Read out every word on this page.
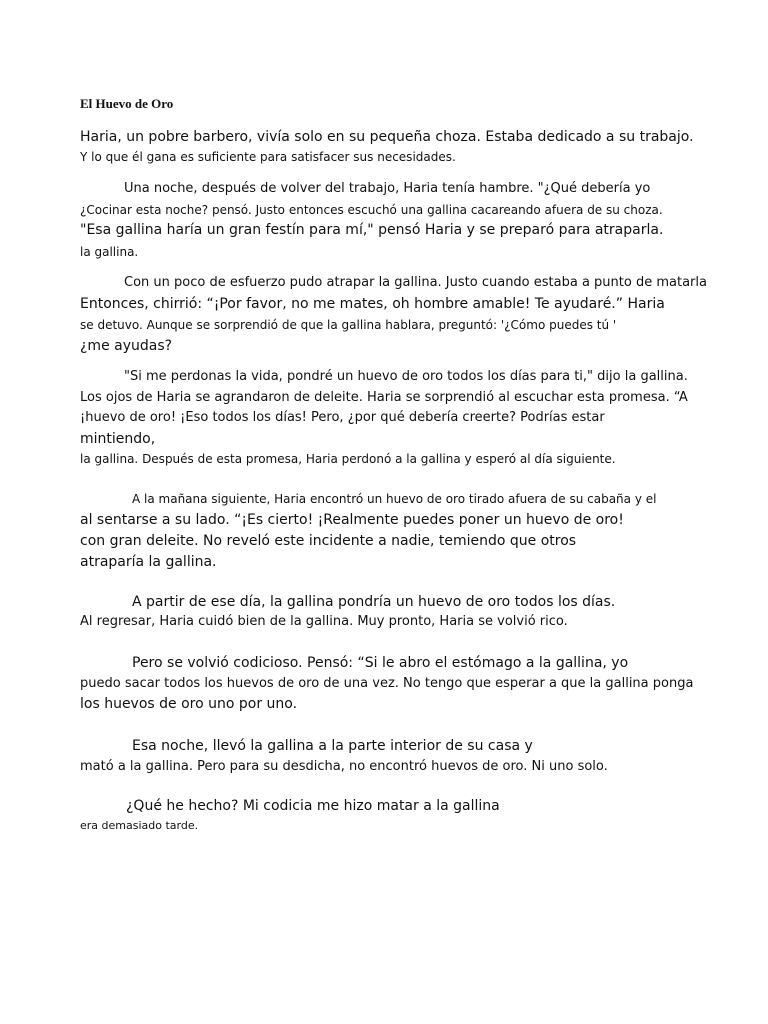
El Huevo de Oro
Haria, un pobre barbero, vivía solo en su pequeña choza. Estaba dedicado a su trabajo.
Y lo que él gana es suficiente para satisfacer sus necesidades.
Una noche, después de volver del trabajo, Haria tenía hambre. "¿Qué debería yo
¿Cocinar esta noche? pensó. Justo entonces escuchó una gallina cacareando afuera de su choza.
"Esa gallina haría un gran festín para mí," pensó Haria y se preparó para atraparla.
la gallina.
Con un poco de esfuerzo pudo atrapar la gallina. Justo cuando estaba a punto de matarla
Entonces, chirrió: “¡Por favor, no me mates, oh hombre amable! Te ayudaré.” Haria
se detuvo. Aunque se sorprendió de que la gallina hablara, preguntó: '¿Cómo puedes tú '
¿me ayudas?
"Si me perdonas la vida, pondré un huevo de oro todos los días para ti," dijo la gallina.
Los ojos de Haria se agrandaron de deleite. Haria se sorprendió al escuchar esta promesa. “A
¡huevo de oro! ¡Eso todos los días! Pero, ¿por qué debería creerte? Podrías estar
mintiendo,
la gallina. Después de esta promesa, Haria perdonó a la gallina y esperó al día siguiente.
A la mañana siguiente, Haria encontró un huevo de oro tirado afuera de su cabaña y el
al sentarse a su lado. “¡Es cierto! ¡Realmente puedes poner un huevo de oro!
con gran deleite. No reveló este incidente a nadie, temiendo que otros
atraparía la gallina.
A partir de ese día, la gallina pondría un huevo de oro todos los días.
Al regresar, Haria cuidó bien de la gallina. Muy pronto, Haria se volvió rico.
Pero se volvió codicioso. Pensó: “Si le abro el estómago a la gallina, yo
puedo sacar todos los huevos de oro de una vez. No tengo que esperar a que la gallina ponga
los huevos de oro uno por uno.
Esa noche, llevó la gallina a la parte interior de su casa y
mató a la gallina. Pero para su desdicha, no encontró huevos de oro. Ni uno solo.
¿Qué he hecho? Mi codicia me hizo matar a la gallina
era demasiado tarde.
